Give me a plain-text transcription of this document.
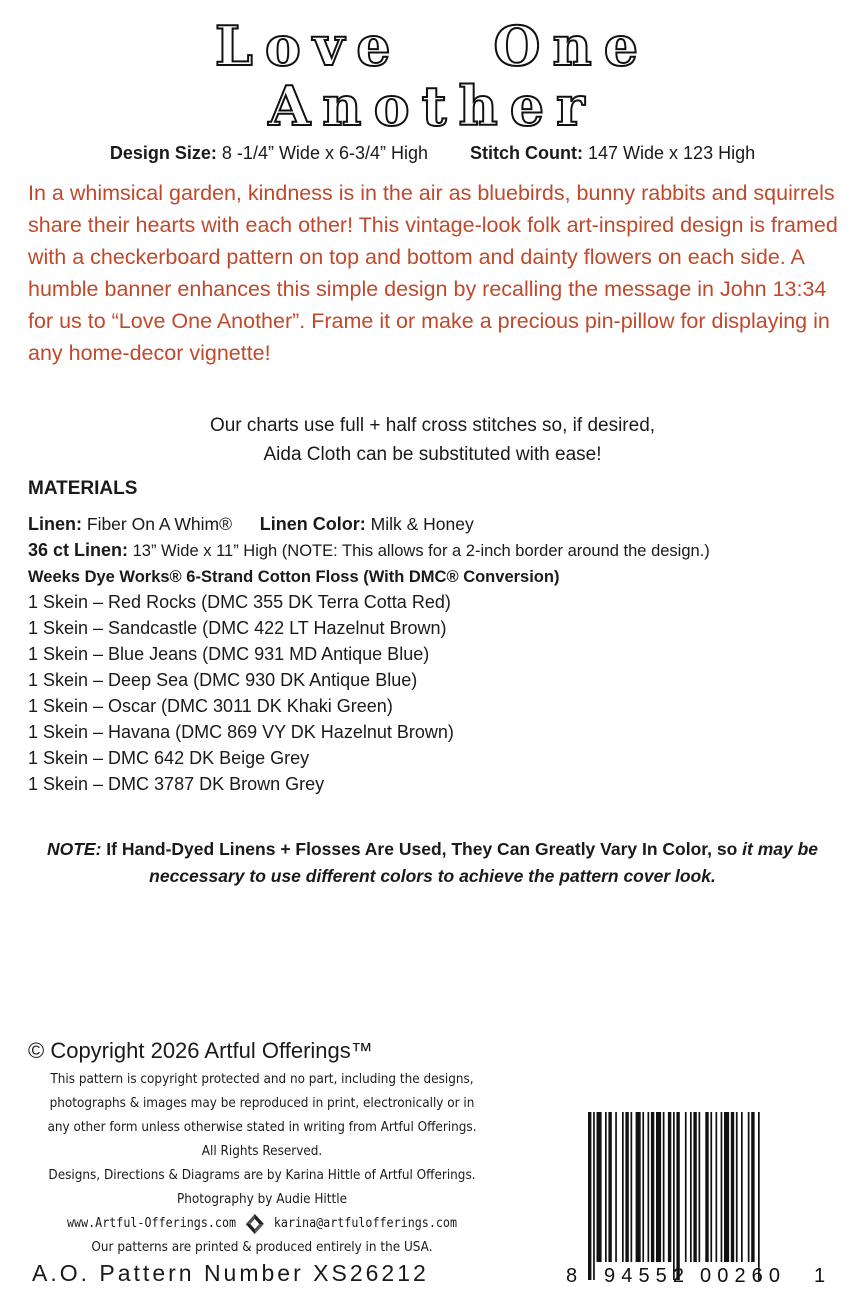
Love One
Another
Design Size: 8 -1/4” Wide x 6-3/4” High Stitch Count: 147 Wide x 123 High

In a whimsical garden, kindness is in the air as bluebirds, bunny rabbits and squirrels share their hearts with each other! This vintage-look folk art-inspired design is framed with a checkerboard pattern on top and bottom and dainty flowers on each side. A humble banner enhances this simple design by recalling the message in John 13:34 for us to “Love One Another”. Frame it or make a precious pin-pillow for displaying in any home-decor vignette!

Our charts use full + half cross stitches so, if desired,
Aida Cloth can be substituted with ease!
MATERIALS
Linen: Fiber On A Whim® Linen Color: Milk & Honey
36 ct Linen: 13” Wide x 11” High (NOTE: This allows for a 2-inch border around the design.)
Weeks Dye Works® 6-Strand Cotton Floss (With DMC® Conversion)
1 Skein – Red Rocks (DMC 355 DK Terra Cotta Red)
1 Skein – Sandcastle (DMC 422 LT Hazelnut Brown)
1 Skein – Blue Jeans (DMC 931 MD Antique Blue)
1 Skein – Deep Sea (DMC 930 DK Antique Blue)
1 Skein – Oscar (DMC 3011 DK Khaki Green)
1 Skein – Havana (DMC 869 VY DK Hazelnut Brown)
1 Skein – DMC 642 DK Beige Grey
1 Skein – DMC 3787 DK Brown Grey
NOTE: If Hand-Dyed Linens + Flosses Are Used, They Can Greatly Vary In Color, so it may be
neccessary to use different colors to achieve the pattern cover look.
© Copyright 2026 Artful Offerings™
This pattern is copyright protected and no part, including the designs,
photographs & images may be reproduced in print, electronically or in
any other form unless otherwise stated in writing from Artful Offerings.
All Rights Reserved.
Designs, Directions & Diagrams are by Karina Hittle of Artful Offerings.
Photography by Audie Hittle
www.Artful-Offerings.com	karina@artfulofferings.com
Our patterns are printed & produced entirely in the USA.
A.O. Pattern Number XS26212	8 94552 00260 1
